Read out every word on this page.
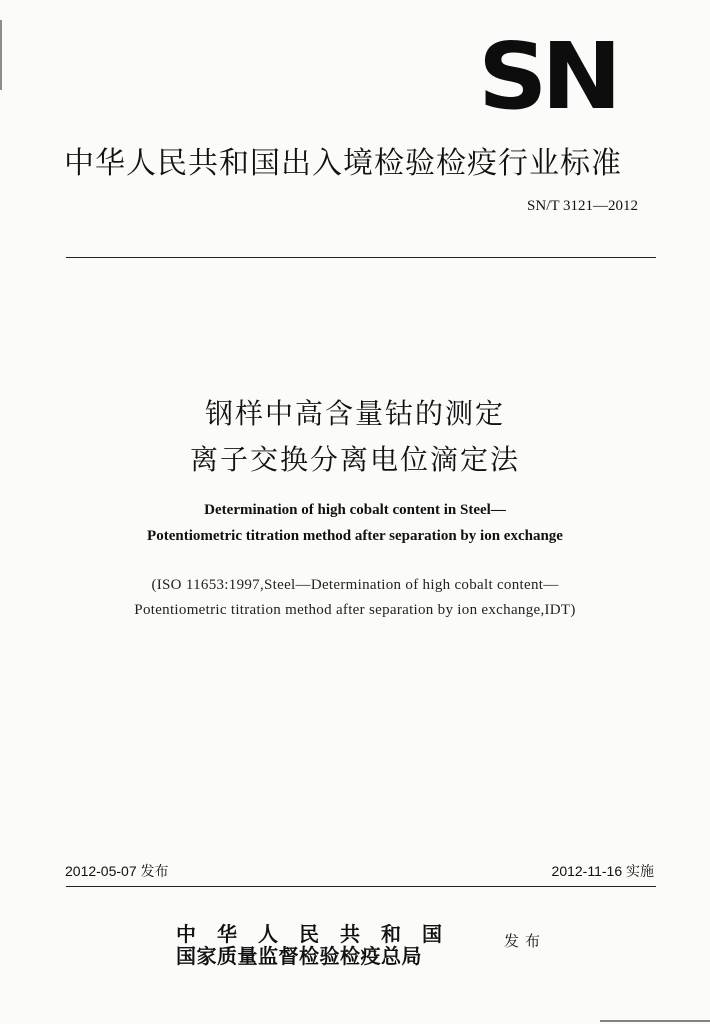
SN
中华人民共和国出入境检验检疫行业标准
SN/T 3121—2012
钢样中高含量钴的测定
离子交换分离电位滴定法
Determination of high cobalt content in Steel—
Potentiometric titration method after separation by ion exchange
(ISO 11653:1997,Steel—Determination of high cobalt content—
Potentiometric titration method after separation by ion exchange,IDT)
2012-05-07 发布	2012-11-16 实施
中华人民共和国
国家质量监督检验检疫总局
发布
